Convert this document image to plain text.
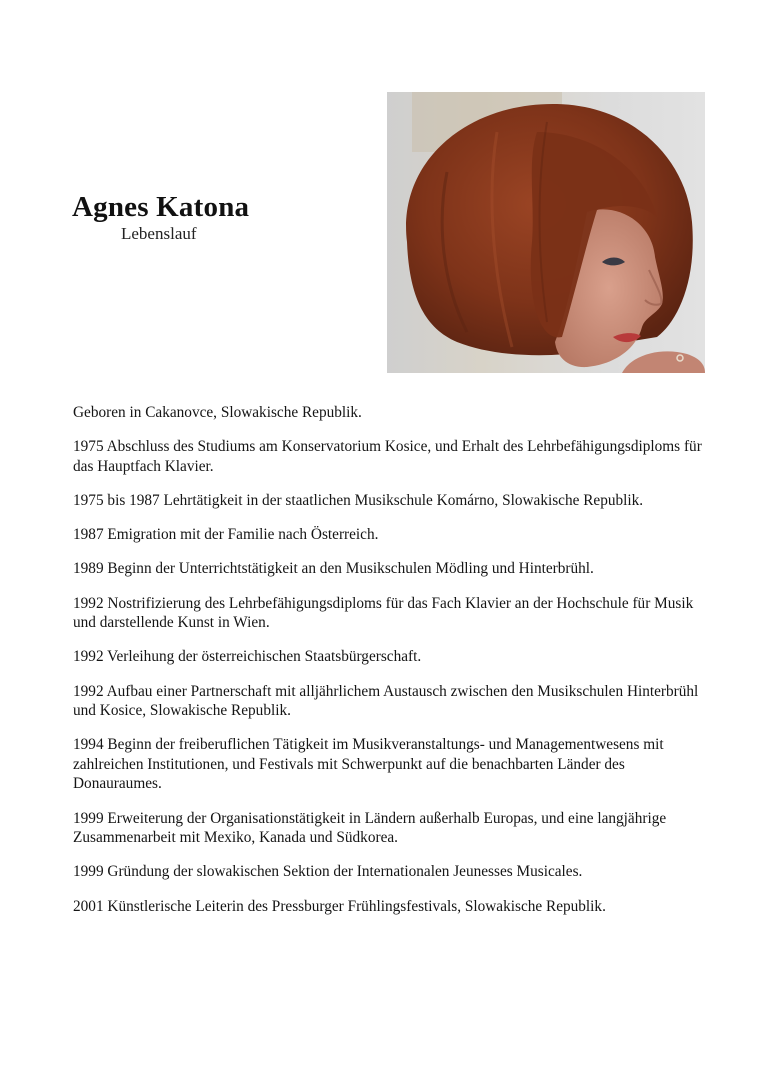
Agnes Katona
Lebenslauf

Geboren in Cakanovce, Slowakische Republik.

1975 Abschluss des Studiums am Konservatorium Kosice, und Erhalt des Lehrbefähigungsdiploms für das Hauptfach Klavier.

1975 bis 1987 Lehrtätigkeit in der staatlichen Musikschule Komárno, Slowakische Republik.

1987 Emigration mit der Familie nach Österreich.

1989 Beginn der Unterrichtstätigkeit an den Musikschulen Mödling und Hinterbrühl.

1992 Nostrifizierung des Lehrbefähigungsdiploms für das Fach Klavier an der Hochschule für Musik und darstellende Kunst in Wien.

1992 Verleihung der österreichischen Staatsbürgerschaft.

1992 Aufbau einer Partnerschaft mit alljährlichem Austausch zwischen den Musikschulen Hinterbrühl und Kosice, Slowakische Republik.

1994 Beginn der freiberuflichen Tätigkeit im Musikveranstaltungs- und Managementwesens mit zahlreichen Institutionen, und Festivals mit Schwerpunkt auf die benachbarten Länder des Donauraumes.

1999 Erweiterung der Organisationstätigkeit in Ländern außerhalb Europas, und eine langjährige Zusammenarbeit mit Mexiko, Kanada und Südkorea.

1999 Gründung der slowakischen Sektion der Internationalen Jeunesses Musicales.

2001 Künstlerische Leiterin des Pressburger Frühlingsfestivals, Slowakische Republik.
